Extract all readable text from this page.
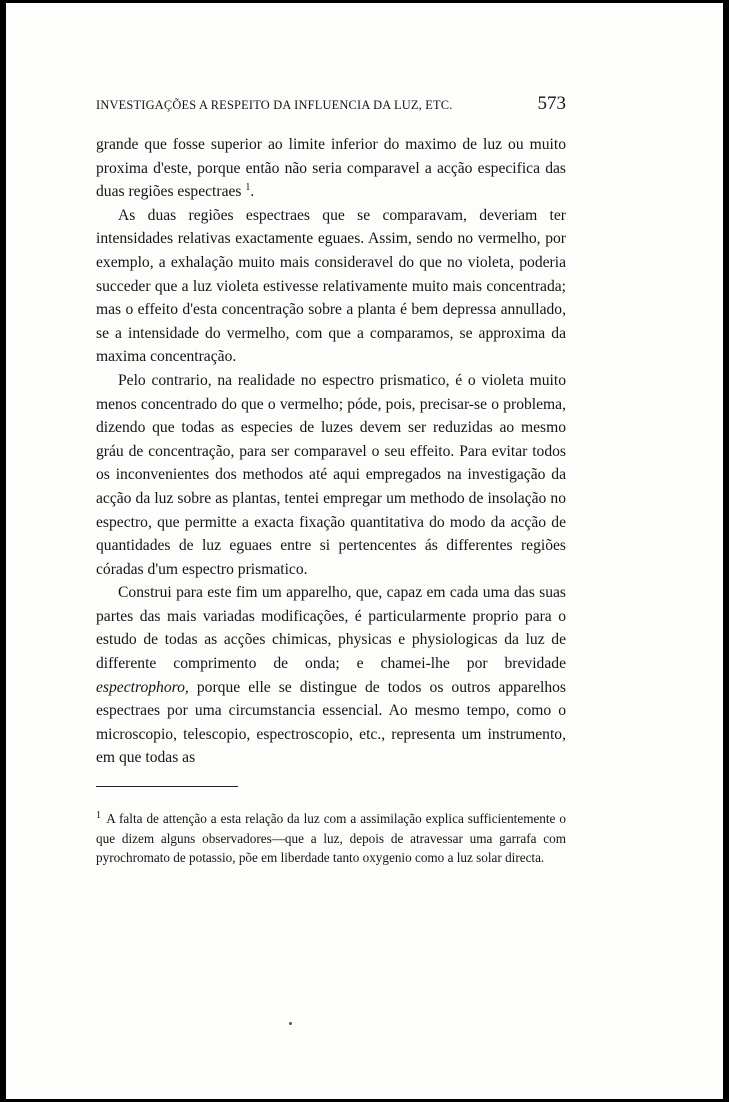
INVESTIGAÇÕES A RESPEITO DA INFLUENCIA DA LUZ, ETC.	573

grande que fosse superior ao limite inferior do maximo de luz ou muito proxima d'este, porque então não seria comparavel a acção especifica das duas regiões espectraes $^1$.

As duas regiões espectraes que se comparavam, deveriam ter intensidades relativas exactamente eguaes. Assim, sendo no vermelho, por exemplo, a exhalação muito mais consideravel do que no violeta, poderia succeder que a luz violeta estivesse relativamente muito mais concentrada; mas o effeito d'esta concentração sobre a planta é bem depressa annullado, se a intensidade do vermelho, com que a comparamos, se approxima da maxima concentração.

Pelo contrario, na realidade no espectro prismatico, é o violeta muito menos concentrado do que o vermelho; póde, pois, precisar-se o problema, dizendo que todas as especies de luzes devem ser reduzidas ao mesmo gráu de concentração, para ser comparavel o seu effeito. Para evitar todos os inconvenientes dos methodos até aqui empregados na investigação da acção da luz sobre as plantas, tentei empregar um methodo de insolação no espectro, que permitte a exacta fixação quantitativa do modo da acção de quantidades de luz eguaes entre si pertencentes ás differentes regiões córadas d'um espectro prismatico.

Construi para este fim um apparelho, que, capaz em cada uma das suas partes das mais variadas modificações, é particularmente proprio para o estudo de todas as acções chimicas, physicas e physiologicas da luz de differente comprimento de onda; e chamei-lhe por brevidade espectrophoro, porque elle se distingue de todos os outros apparelhos espectraes por uma circumstancia essencial. Ao mesmo tempo, como o microscopio, telescopio, espectroscopio, etc., representa um instrumento, em que todas as

$^1$ A falta de attenção a esta relação da luz com a assimilação explica sufficientemente o que dizem alguns observadores—que a luz, depois de atravessar uma garrafa com pyrochromato de potassio, põe em liberdade tanto oxygenio como a luz solar directa.
